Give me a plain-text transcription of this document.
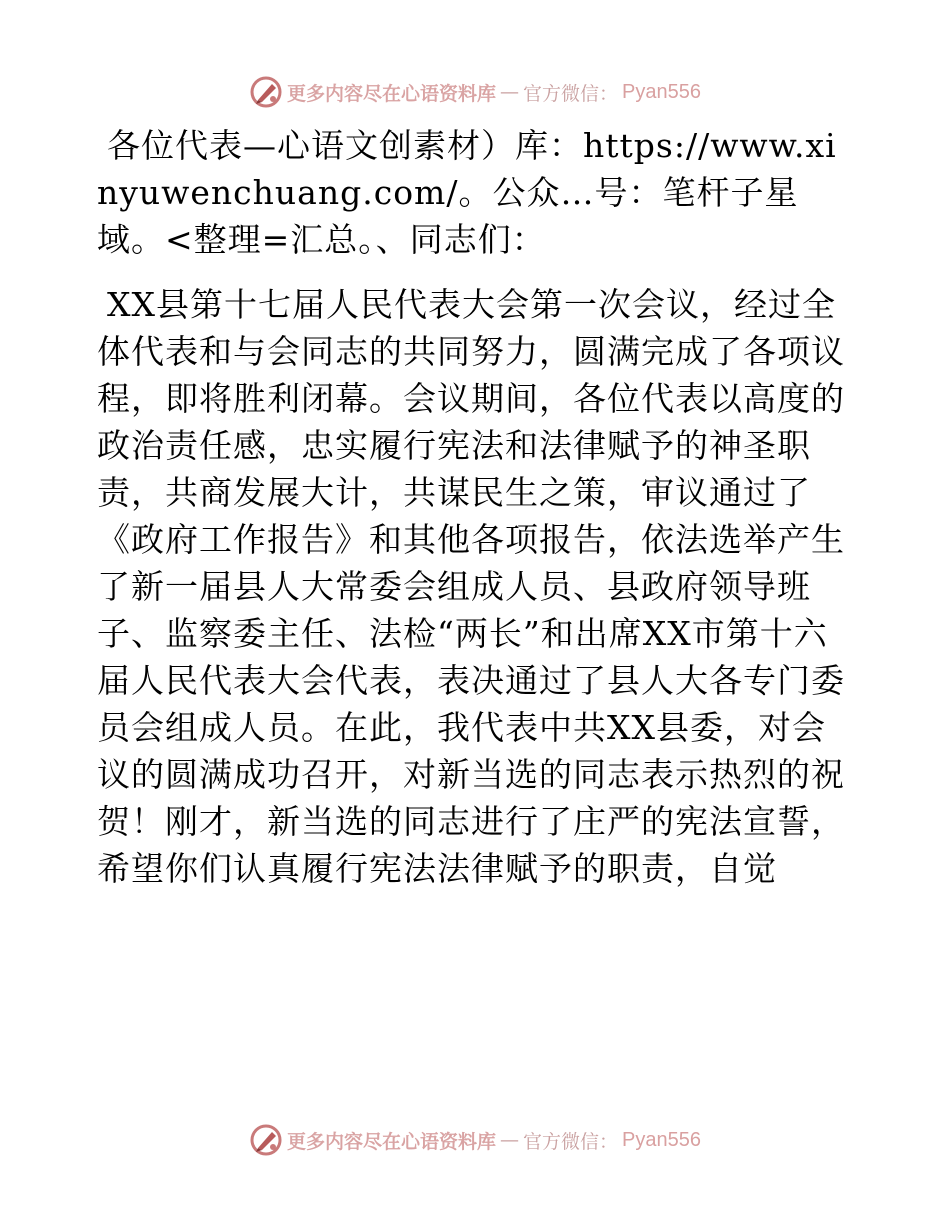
更多内容尽在心语资料库 — 官方微信： Pyan556

各位代表—心语文创素材）库：https://www.xinyuwenchuang.com/。公众…号：笔杆子星域。<整理=汇总。、同志们：

XX县第十七届人民代表大会第一次会议，经过全体代表和与会同志的共同努力，圆满完成了各项议程，即将胜利闭幕。会议期间，各位代表以高度的政治责任感，忠实履行宪法和法律赋予的神圣职责，共商发展大计，共谋民生之策，审议通过了《政府工作报告》和其他各项报告，依法选举产生了新一届县人大常委会组成人员、县政府领导班子、监察委主任、法检“两长”和出席XX市第十六届人民代表大会代表，表决通过了县人大各专门委员会组成人员。在此，我代表中共XX县委，对会议的圆满成功召开，对新当选的同志表示热烈的祝贺！刚才，新当选的同志进行了庄严的宪法宣誓，希望你们认真履行宪法法律赋予的职责，自觉

更多内容尽在心语资料库 — 官方微信： Pyan556
